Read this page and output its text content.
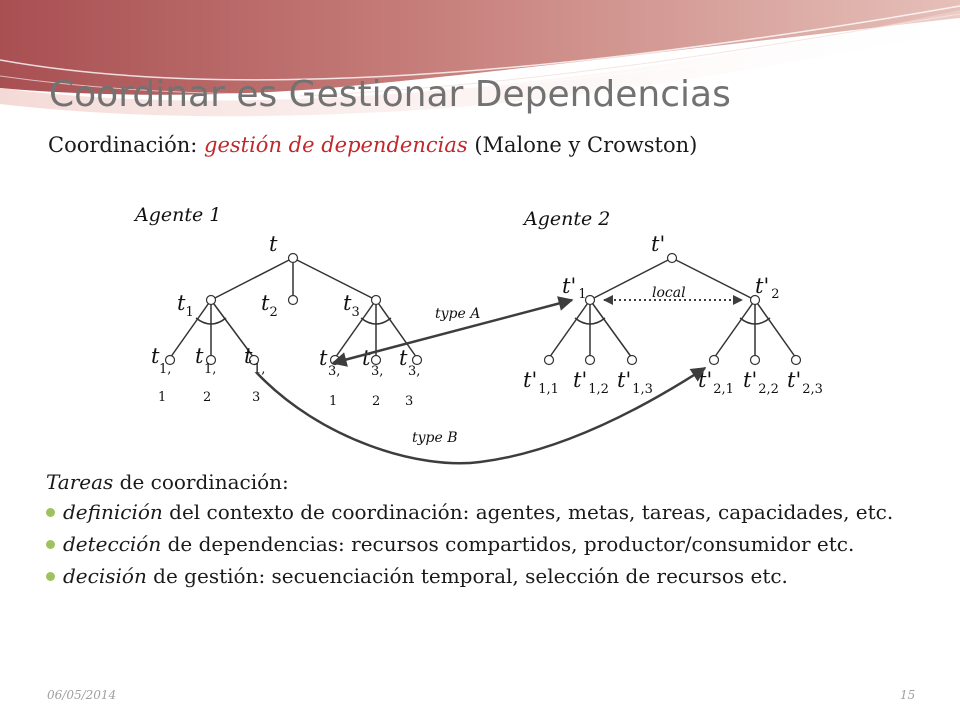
Coordinar es Gestionar Dependencias
Coordinación: gestión de dependencias (Malone y Crowston)
Agente 1
t
$t_1$	$t_2$	$t_3$
t
1,
1
t
1,
2
t
1,
3
t
3,
1
t
3,
2
t
3,
3
Agente 2
t'
t' $_1$	t' $_2$
$t'_{1,1}$ $t'_{1,2}$ $t'_{1,3}$ $t'_{2,1}$ $t'_{2,2}$ $t'_{2,3}$
local
type A
type B
Tareas de coordinación:
definición del contexto de coordinación: agentes, metas, tareas, capacidades, etc.
detección de dependencias: recursos compartidos, productor/consumidor etc.
decisión de gestión: secuenciación temporal, selección de recursos etc.
06/05/2014	15
